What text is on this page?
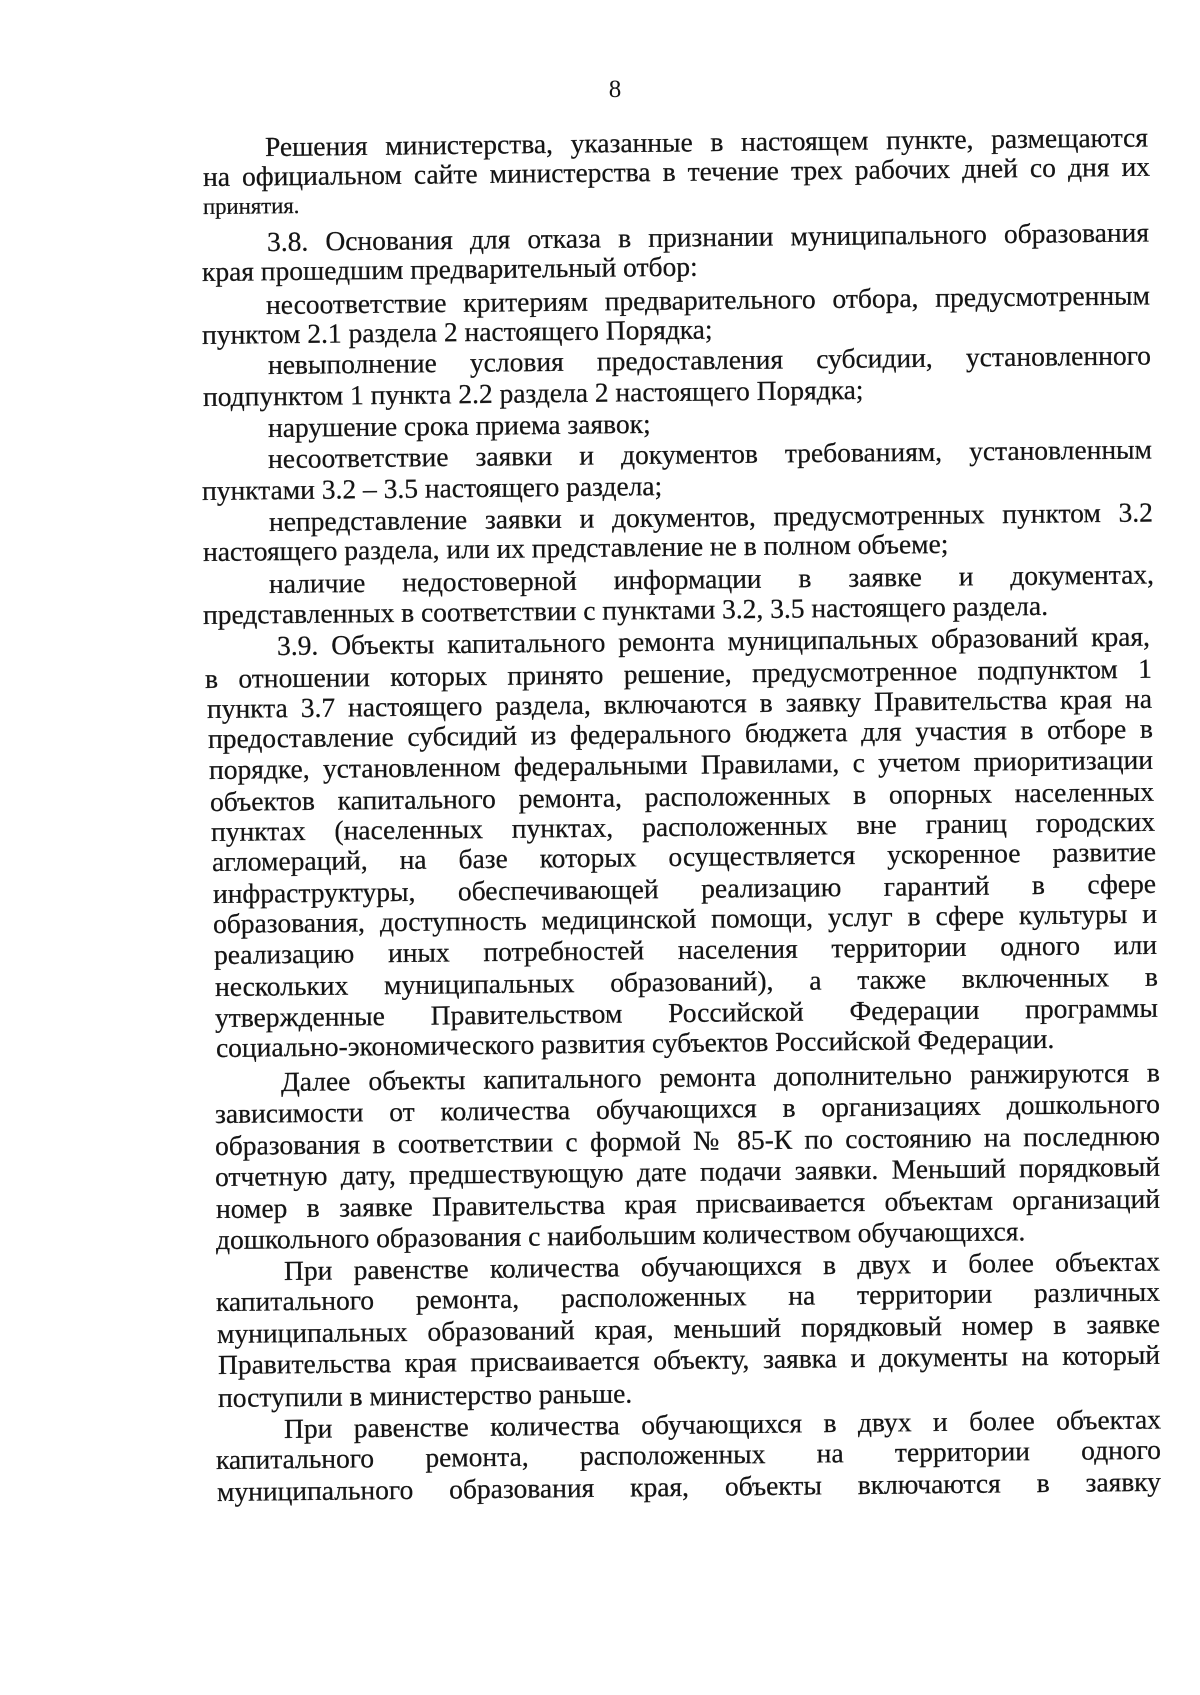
8
Решения министерства, указанные в настоящем пункте, размещаются
на официальном сайте министерства в течение трех рабочих дней со дня их
принятия.
3.8. Основания для отказа в признании муниципального образования
края прошедшим предварительный отбор:
несоответствие критериям предварительного отбора, предусмотренным
пунктом 2.1 раздела 2 настоящего Порядка;
невыполнение условия предоставления субсидии, установленного
подпунктом 1 пункта 2.2 раздела 2 настоящего Порядка;
нарушение срока приема заявок;
несоответствие заявки и документов требованиям, установленным
пунктами 3.2 – 3.5 настоящего раздела;
непредставление заявки и документов, предусмотренных пунктом 3.2
настоящего раздела, или их представление не в полном объеме;
наличие недостоверной информации в заявке и документах,
представленных в соответствии с пунктами 3.2, 3.5 настоящего раздела.
3.9. Объекты капитального ремонта муниципальных образований края,
в отношении которых принято решение, предусмотренное подпунктом 1
пункта 3.7 настоящего раздела, включаются в заявку Правительства края на
предоставление субсидий из федерального бюджета для участия в отборе в
порядке, установленном федеральными Правилами, с учетом приоритизации
объектов капитального ремонта, расположенных в опорных населенных
пунктах (населенных пунктах, расположенных вне границ городских
агломераций, на базе которых осуществляется ускоренное развитие
инфраструктуры, обеспечивающей реализацию гарантий в сфере
образования, доступность медицинской помощи, услуг в сфере культуры и
реализацию иных потребностей населения территории одного или
нескольких муниципальных образований), а также включенных в
утвержденные Правительством Российской Федерации программы
социально-экономического развития субъектов Российской Федерации.
Далее объекты капитального ремонта дополнительно ранжируются в
зависимости от количества обучающихся в организациях дошкольного
образования в соответствии с формой № 85-К по состоянию на последнюю
отчетную дату, предшествующую дате подачи заявки. Меньший порядковый
номер в заявке Правительства края присваивается объектам организаций
дошкольного образования с наибольшим количеством обучающихся.
При равенстве количества обучающихся в двух и более объектах
капитального ремонта, расположенных на территории различных
муниципальных образований края, меньший порядковый номер в заявке
Правительства края присваивается объекту, заявка и документы на который
поступили в министерство раньше.
При равенстве количества обучающихся в двух и более объектах
капитального ремонта, расположенных на территории одного
муниципального образования края, объекты включаются в заявку
